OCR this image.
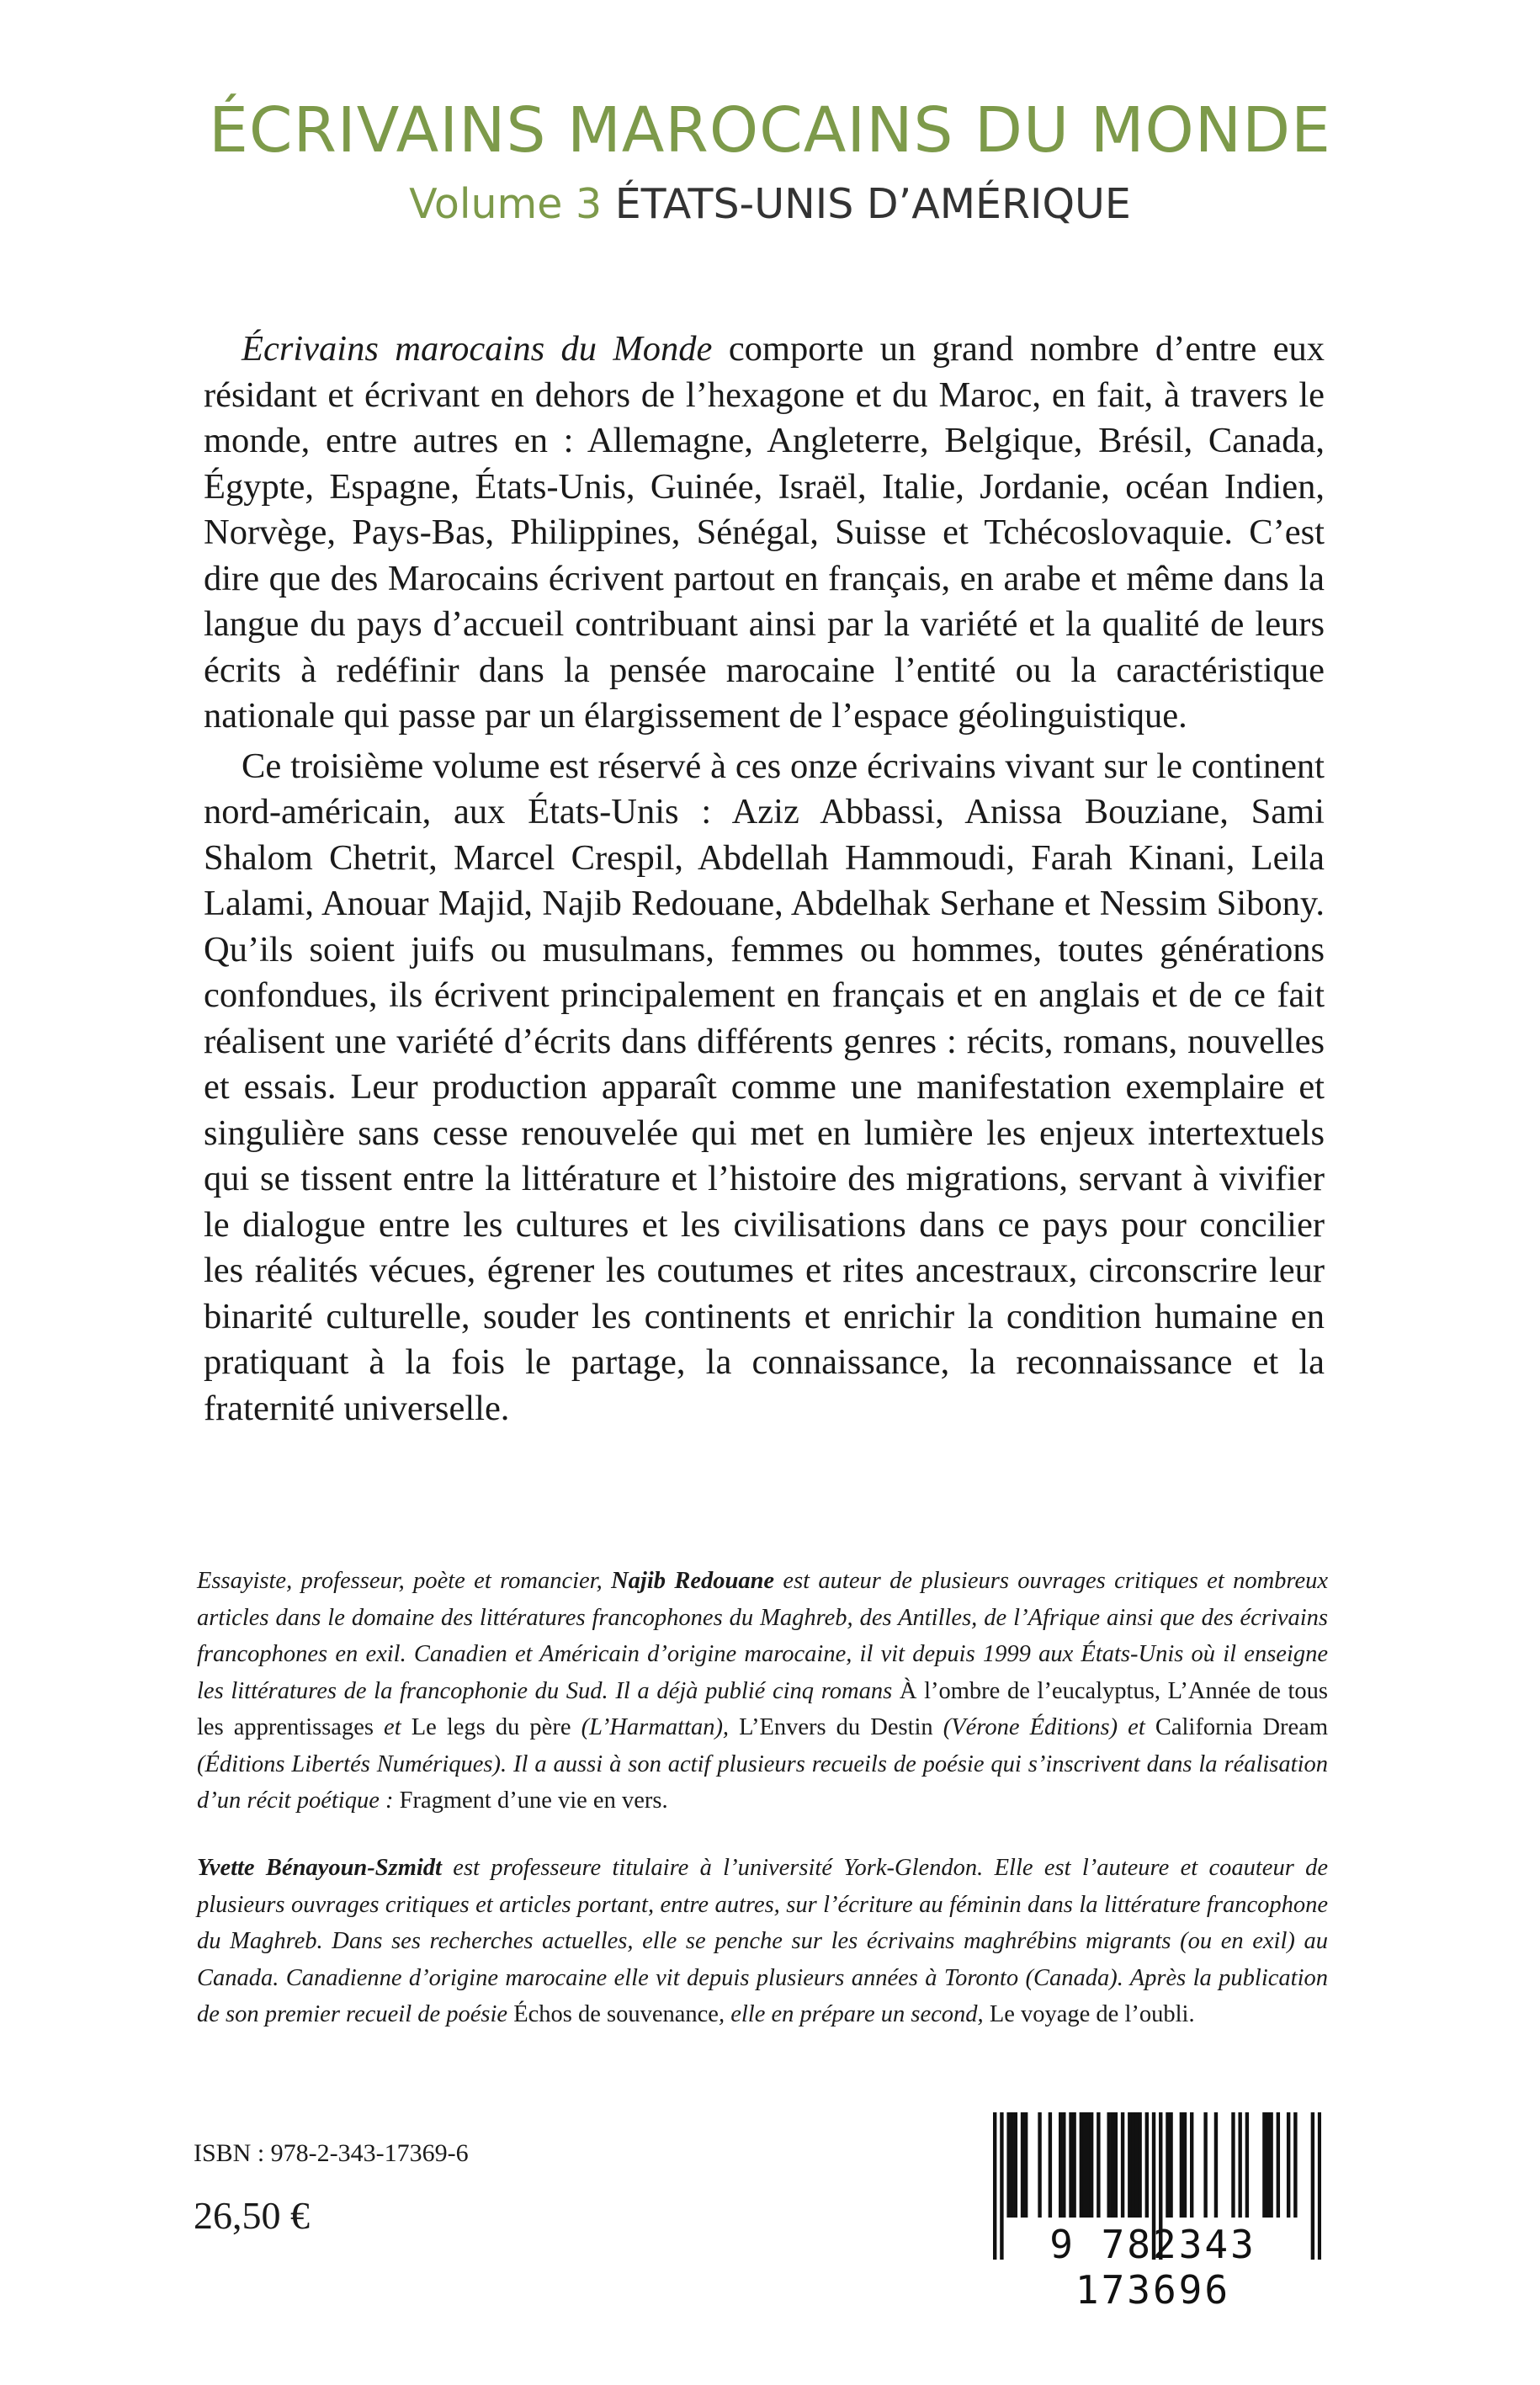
ÉCRIVAINS MAROCAINS DU MONDE
Volume 3 ÉTATS-UNIS D’AMÉRIQUE

Écrivains marocains du Monde comporte un grand nombre d’entre eux résidant et écrivant en dehors de l’hexagone et du Maroc, en fait, à travers le monde, entre autres en : Allemagne, Angleterre, Belgique, Brésil, Canada, Égypte, Espagne, États-Unis, Guinée, Israël, Italie, Jordanie, océan Indien, Norvège, Pays-Bas, Philippines, Sénégal, Suisse et Tchécoslovaquie. C’est dire que des Marocains écrivent partout en français, en arabe et même dans la langue du pays d’accueil contribuant ainsi par la variété et la qualité de leurs écrits à redéfinir dans la pensée marocaine l’entité ou la caractéristique nationale qui passe par un élargissement de l’espace géolinguistique.

Ce troisième volume est réservé à ces onze écrivains vivant sur le continent nord-américain, aux États-Unis : Aziz Abbassi, Anissa Bouziane, Sami Shalom Chetrit, Marcel Crespil, Abdellah Hammoudi, Farah Kinani, Leila Lalami, Anouar Majid, Najib Redouane, Abdelhak Serhane et Nessim Sibony. Qu’ils soient juifs ou musulmans, femmes ou hommes, toutes générations confondues, ils écrivent principalement en français et en anglais et de ce fait réalisent une variété d’écrits dans différents genres : récits, romans, nouvelles et essais. Leur production apparaît comme une manifestation exemplaire et singulière sans cesse renouvelée qui met en lumière les enjeux intertextuels qui se tissent entre la littérature et l’histoire des migrations, servant à vivifier le dialogue entre les cultures et les civilisations dans ce pays pour concilier les réalités vécues, égrener les coutumes et rites ancestraux, circonscrire leur binarité culturelle, souder les continents et enrichir la condition humaine en pratiquant à la fois le partage, la connaissance, la reconnaissance et la fraternité universelle.

Essayiste, professeur, poète et romancier, Najib Redouane est auteur de plusieurs ouvrages critiques et nombreux articles dans le domaine des littératures francophones du Maghreb, des Antilles, de l’Afrique ainsi que des écrivains francophones en exil. Canadien et Américain d’origine marocaine, il vit depuis 1999 aux États-Unis où il enseigne les littératures de la francophonie du Sud. Il a déjà publié cinq romans À l’ombre de l’eucalyptus, L’Année de tous les apprentissages et Le legs du père (L’Harmattan), L’Envers du Destin (Vérone Éditions) et California Dream (Éditions Libertés Numériques). Il a aussi à son actif plusieurs recueils de poésie qui s’inscrivent dans la réalisation d’un récit poétique : Fragment d’une vie en vers.
Yvette Bénayoun-Szmidt est professeure titulaire à l’université York-Glendon. Elle est l’auteure et coauteur de plusieurs ouvrages critiques et articles portant, entre autres, sur l’écriture au féminin dans la littérature francophone du Maghreb. Dans ses recherches actuelles, elle se penche sur les écrivains maghrébins migrants (ou en exil) au Canada. Canadienne d’origine marocaine elle vit depuis plusieurs années à Toronto (Canada). Après la publication de son premier recueil de poésie Échos de souvenance, elle en prépare un second, Le voyage de l’oubli.
ISBN : 978-2-343-17369-6
26,50 €
9 782343 173696
